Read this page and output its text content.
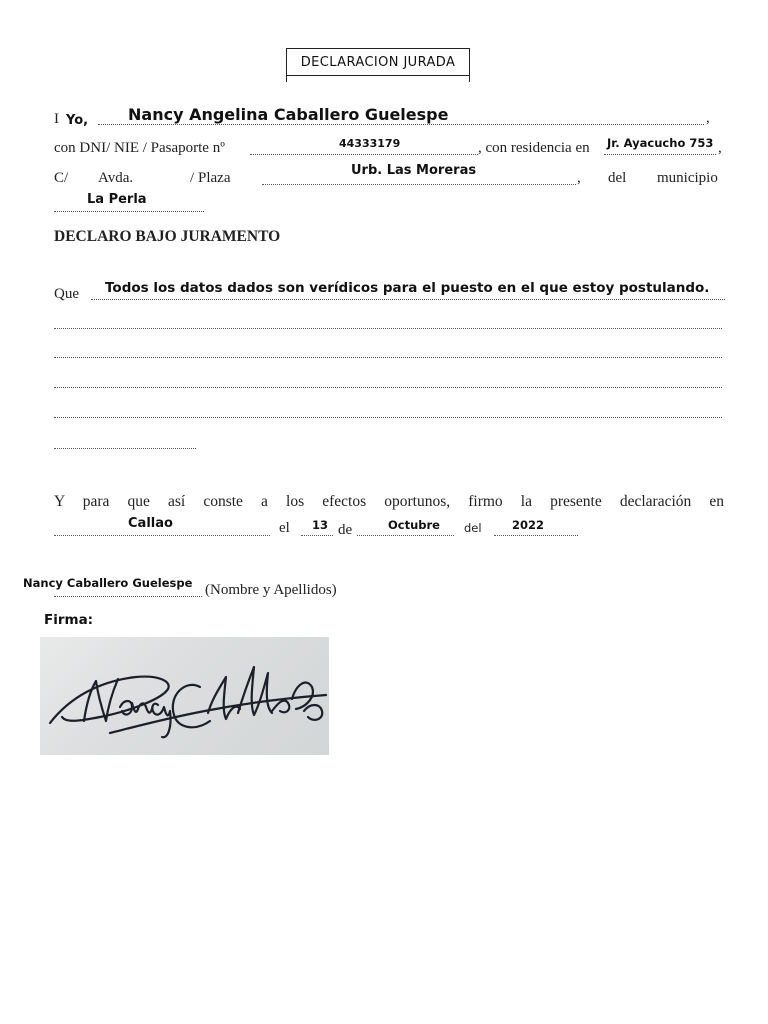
DECLARACION JURADA
I Yo, Nancy Angelina Caballero Guelespe	,
con DNI/ NIE / Pasaporte nº	44333179	, con residencia en Jr. Ayacucho 753 ,
C/ Avda.	/ Plaza	Urb. Las Moreras	, del municipio
La Perla
DECLARO BAJO JURAMENTO
Que Todos los datos dados son verídicos para el puesto en el que estoy postulando.
Y para que así conste a los efectos oportunos, firmo la presente declaración en
Callao	el 13 de	Octubre del	2022
Nancy Caballero Guelespe (Nombre y Apellidos)
Firma:
